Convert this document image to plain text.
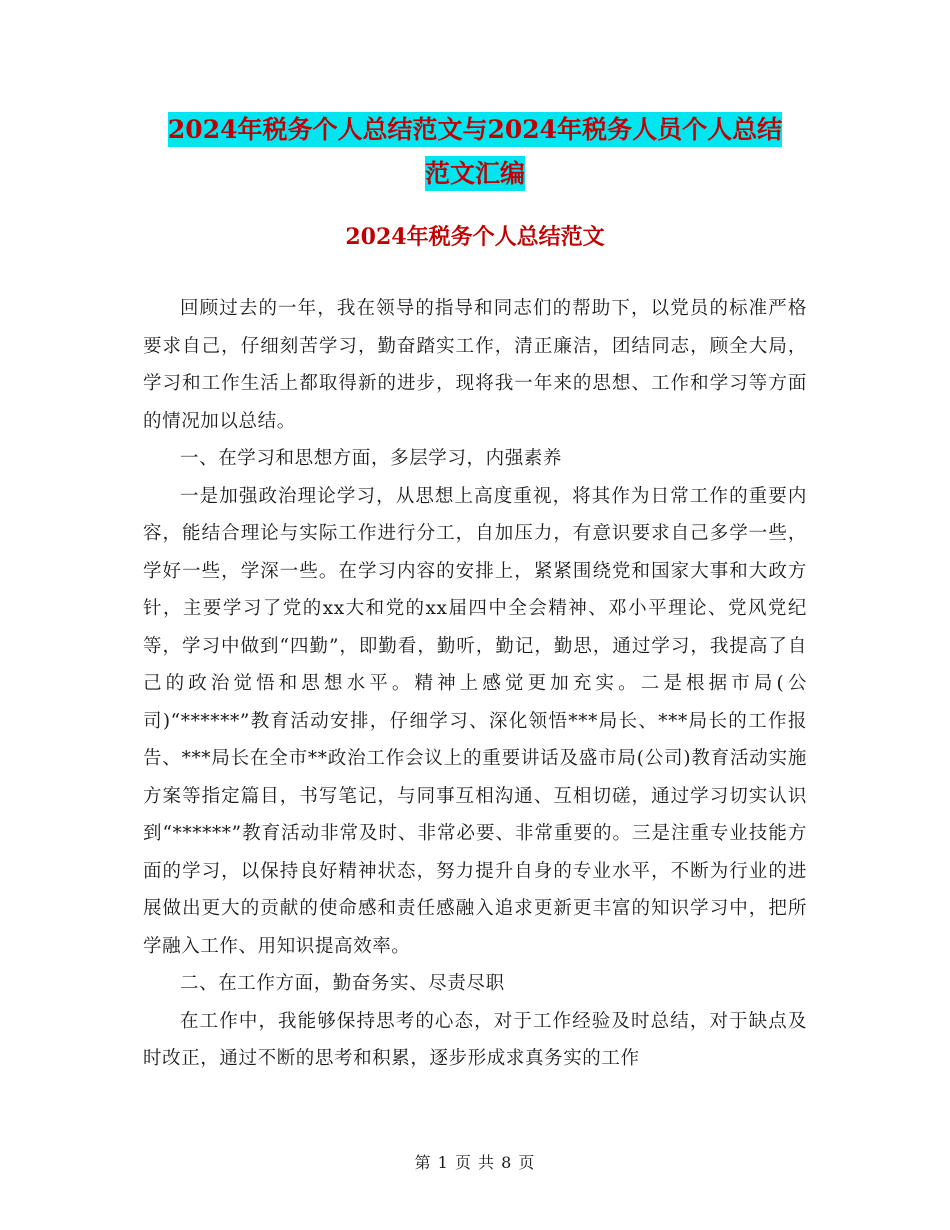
2024年税务个人总结范文与2024年税务人员个人总结
范文汇编
2024年税务个人总结范文

回顾过去的一年，我在领导的指导和同志们的帮助下，以党员的标准严格要求自己，仔细刻苦学习，勤奋踏实工作，清正廉洁，团结同志，顾全大局，学习和工作生活上都取得新的进步，现将我一年来的思想、工作和学习等方面的情况加以总结。

一、在学习和思想方面，多层学习，内强素养

一是加强政治理论学习，从思想上高度重视，将其作为日常工作的重要内容，能结合理论与实际工作进行分工，自加压力，有意识要求自己多学一些，学好一些，学深一些。在学习内容的安排上，紧紧围绕党和国家大事和大政方针，主要学习了党的xx大和党的xx届四中全会精神、邓小平理论、党风党纪等，学习中做到“四勤”，即勤看，勤听，勤记，勤思，通过学习，我提高了自己的政治觉悟和思想水平。精神上感觉更加充实。二是根据市局(公司)“******”教育活动安排，仔细学习、深化领悟***局长、***局长的工作报告、***局长在全市**政治工作会议上的重要讲话及盛市局(公司)教育活动实施方案等指定篇目，书写笔记，与同事互相沟通、互相切磋，通过学习切实认识到“******”教育活动非常及时、非常必要、非常重要的。三是注重专业技能方面的学习，以保持良好精神状态，努力提升自身的专业水平，不断为行业的进展做出更大的贡献的使命感和责任感融入追求更新更丰富的知识学习中，把所学融入工作、用知识提高效率。

二、在工作方面，勤奋务实、尽责尽职

在工作中，我能够保持思考的心态，对于工作经验及时总结，对于缺点及时改正，通过不断的思考和积累，逐步形成求真务实的工作

第 1 页 共 8 页
